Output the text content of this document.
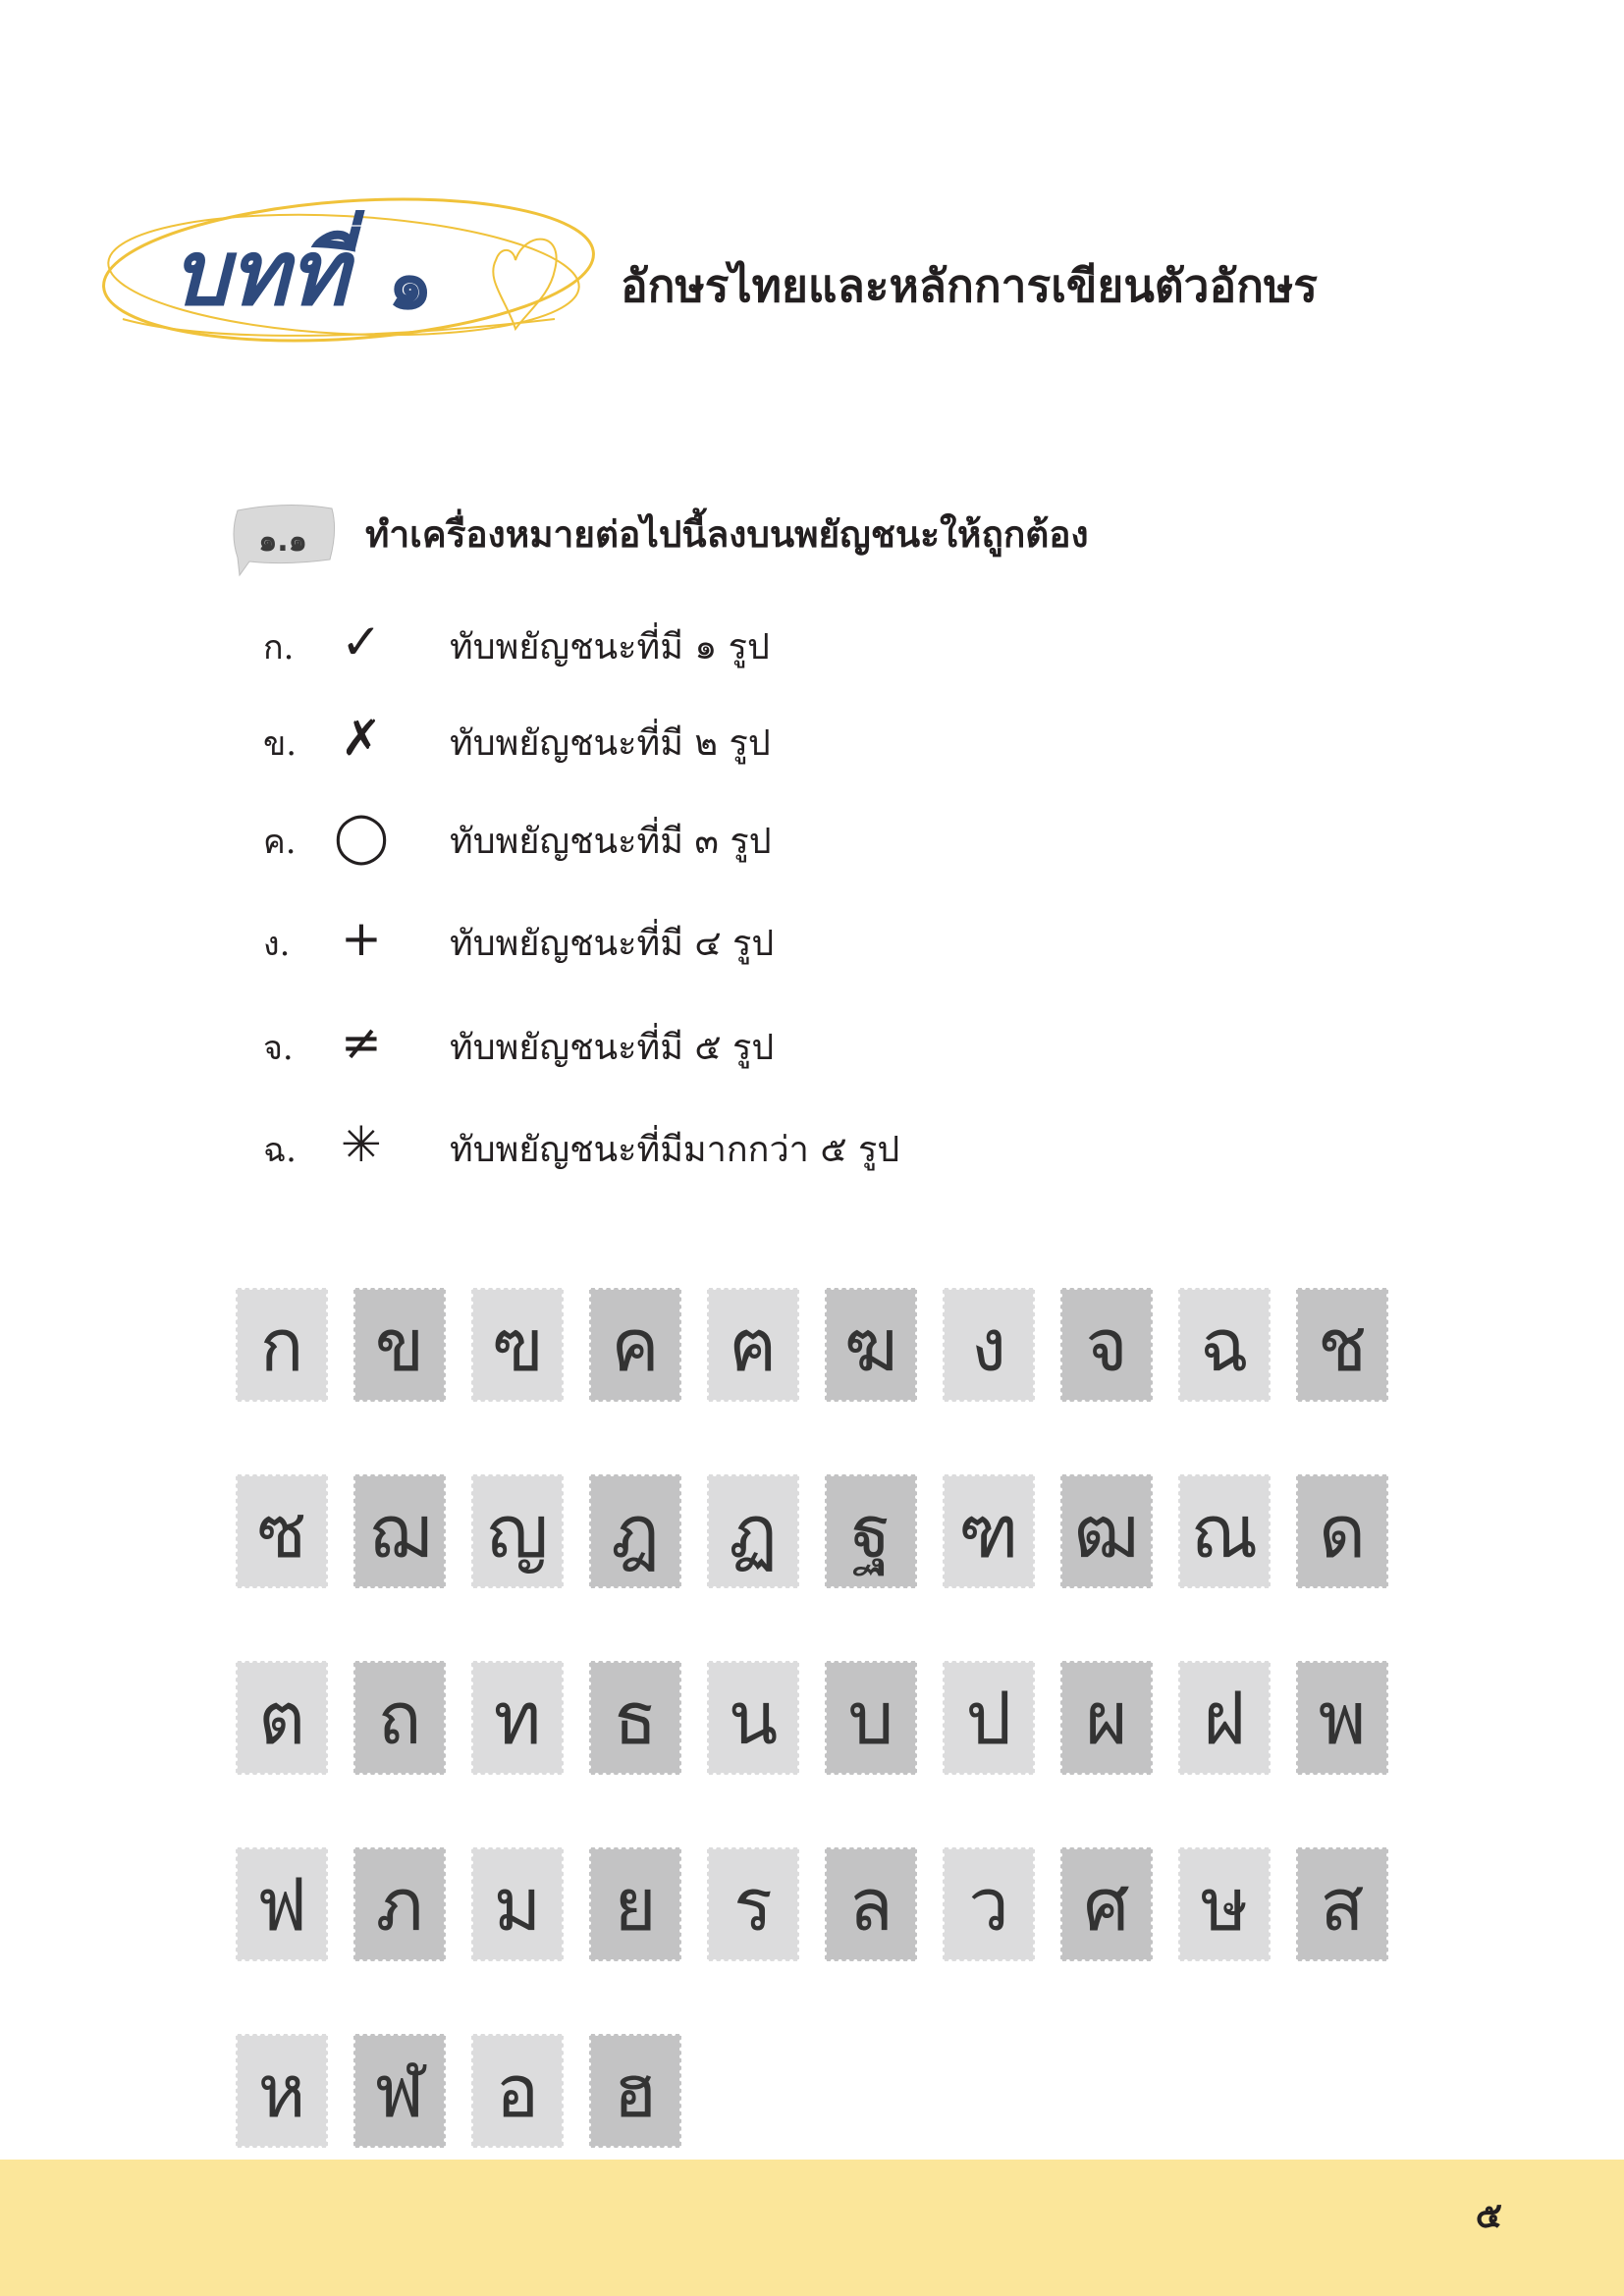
บทที่ ๑	อักษรไทยและหลักการเขียนตัวอักษร
๑.๑	ทำเครื่องหมายต่อไปนี้ลงบนพยัญชนะให้ถูกต้อง
ก. ✓ ทับพยัญชนะที่มี ๑ รูป
ข. ✗ ทับพยัญชนะที่มี ๒ รูป
ค. ◯ ทับพยัญชนะที่มี ๓ รูป
ง. + ทับพยัญชนะที่มี ๔ รูป
จ. ≠ ทับพยัญชนะที่มี ๕ รูป
ฉ. ✳ ทับพยัญชนะที่มีมากกว่า ๕ รูป
ก ข ฃ ค ฅ ฆ	ง	จ ฉ ช
ซ ฌ ญ ฎ ฏ	ฐ ฑ ฒ ณ ด
ต ถ ท ธ น บ ป	ผ	ฝ พ
ฟ ภ ม ย	ร	ล	ว	ศ ษ ส
ห ฬ อ	ฮ
๕
